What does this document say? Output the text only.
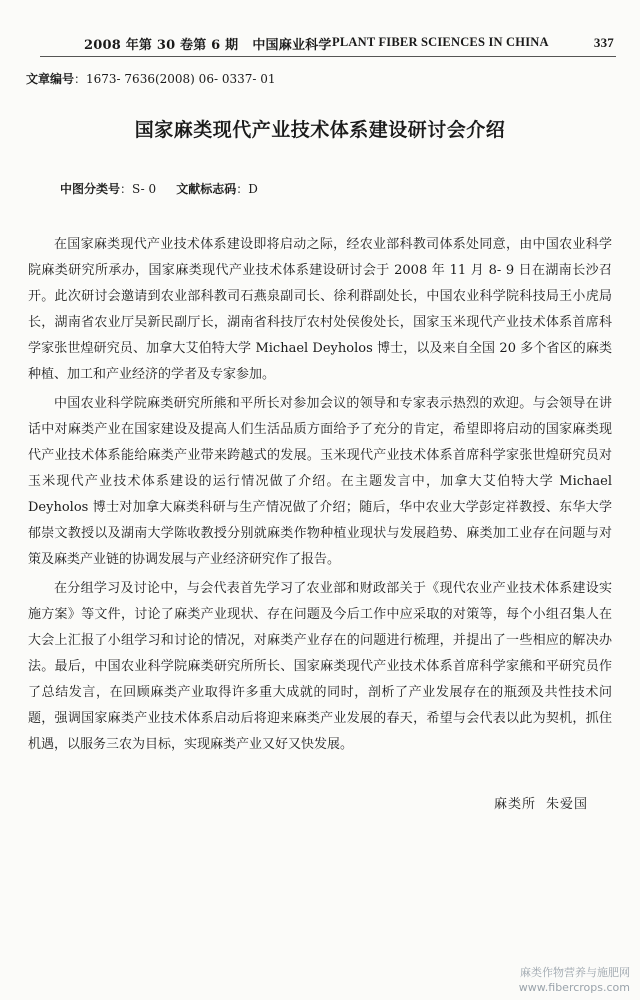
2008 年第 30 卷第 6 期 中国麻业科学 PLANT FIBER SCIENCES IN CHINA	337
文章编号：1673- 7636(2008) 06- 0337- 01
国家麻类现代产业技术体系建设研讨会介绍
中图分类号：S- 0 文献标志码：D

在国家麻类现代产业技术体系建设即将启动之际，经农业部科教司体系处同意，由中国农业科学院麻类研究所承办，国家麻类现代产业技术体系建设研讨会于 2008 年 11 月 8- 9 日在湖南长沙召开。此次研讨会邀请到农业部科教司石燕泉副司长、徐利群副处长，中国农业科学院科技局王小虎局长，湖南省农业厅吴新民副厅长，湖南省科技厅农村处侯俊处长，国家玉米现代产业技术体系首席科学家张世煌研究员、加拿大艾伯特大学 Michael Deyholos 博士，以及来自全国 20 多个省区的麻类种植、加工和产业经济的学者及专家参加。

中国农业科学院麻类研究所熊和平所长对参加会议的领导和专家表示热烈的欢迎。与会领导在讲话中对麻类产业在国家建设及提高人们生活品质方面给予了充分的肯定，希望即将启动的国家麻类现代产业技术体系能给麻类产业带来跨越式的发展。玉米现代产业技术体系首席科学家张世煌研究员对玉米现代产业技术体系建设的运行情况做了介绍。在主题发言中，加拿大艾伯特大学 Michael Deyholos 博士对加拿大麻类科研与生产情况做了介绍；随后，华中农业大学彭定祥教授、东华大学郁崇文教授以及湖南大学陈收教授分别就麻类作物种植业现状与发展趋势、麻类加工业存在问题与对策及麻类产业链的协调发展与产业经济研究作了报告。

在分组学习及讨论中，与会代表首先学习了农业部和财政部关于《现代农业产业技术体系建设实施方案》等文件，讨论了麻类产业现状、存在问题及今后工作中应采取的对策等，每个小组召集人在大会上汇报了小组学习和讨论的情况，对麻类产业存在的问题进行梳理，并提出了一些相应的解决办法。最后，中国农业科学院麻类研究所所长、国家麻类现代产业技术体系首席科学家熊和平研究员作了总结发言，在回顾麻类产业取得许多重大成就的同时，剖析了产业发展存在的瓶颈及共性技术问题，强调国家麻类产业技术体系启动后将迎来麻类产业发展的春天，希望与会代表以此为契机，抓住机遇，以服务三农为目标，实现麻类产业又好又快发展。

麻类所 朱爱国
麻类作物营养与施肥网
www.fibercrops.com
